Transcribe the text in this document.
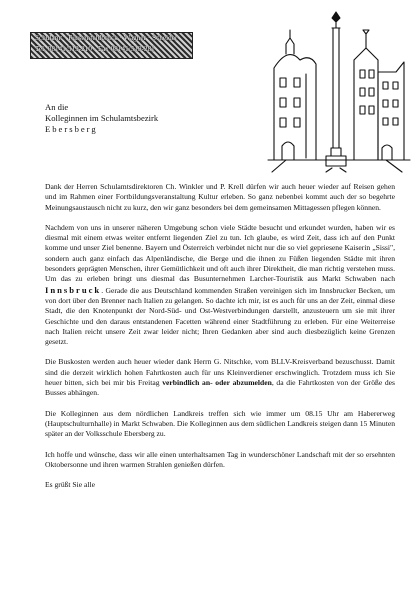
Schulamt · Fürstenfeldbruck · Wagner · Scheider
Tel. 08141/519-210 · Fax 08141/519-281
An die
Kolleginnen im Schulamtsbezirk
Ebersberg

Dank der Herren Schulamtsdirektoren Ch. Winkler und P. Krell dürfen wir auch heuer wieder auf Reisen gehen und im Rahmen einer Fortbildungsveranstaltung Kultur erleben. So ganz nebenbei kommt auch der so begehrte Meinungsaustausch nicht zu kurz, den wir ganz besonders bei dem gemeinsamen Mittagessen pflegen können.

Nachdem von uns in unserer näheren Umgebung schon viele Städte besucht und erkundet wurden, haben wir es diesmal mit einem etwas weiter entfernt liegenden Ziel zu tun. Ich glaube, es wird Zeit, dass ich auf den Punkt komme und unser Ziel benenne. Bayern und Österreich verbindet nicht nur die so viel gepriesene Kaiserin „Sissi", sondern auch ganz einfach das Alpenländische, die Berge und die ihnen zu Füßen liegenden Städte mit ihren besonders geprägten Menschen, ihrer Gemütlichkeit und oft auch ihrer Direktheit, die man richtig verstehen muss. Um das zu erleben bringt uns diesmal das Busunternehmen Larcher-Touristik aus Markt Schwaben nach Innsbruck. Gerade die aus Deutschland kommenden Straßen vereinigen sich im Innsbrucker Becken, um von dort über den Brenner nach Italien zu gelangen. So dachte ich mir, ist es auch für uns an der Zeit, einmal diese Stadt, die den Knotenpunkt der Nord-Süd- und Ost-Westverbindungen darstellt, anzusteuern um sie mit ihrer Geschichte und den daraus entstandenen Facetten während einer Stadtführung zu erleben. Für eine Weiterreise nach Italien reicht unsere Zeit zwar leider nicht; Ihren Gedanken aber sind auch diesbezüglich keine Grenzen gesetzt.

Die Buskosten werden auch heuer wieder dank Herrn G. Nitschke, vom BLLV-Kreisverband bezuschusst. Damit sind die derzeit wirklich hohen Fahrtkosten auch für uns Kleinverdiener erschwinglich. Trotzdem muss ich Sie heuer bitten, sich bei mir bis Freitag verbindlich an- oder abzumelden, da die Fahrtkosten von der Größe des Busses abhängen.

Die Kolleginnen aus dem nördlichen Landkreis treffen sich wie immer um 08.15 Uhr am Habererweg (Hauptschulturnhalle) in Markt Schwaben. Die Kolleginnen aus dem südlichen Landkreis steigen dann 15 Minuten später an der Volksschule Ebersberg zu.

Ich hoffe und wünsche, dass wir alle einen unterhaltsamen Tag in wunderschöner Landschaft mit der so ersehnten Oktobersonne und ihren warmen Strahlen genießen dürfen.

Es grüßt Sie alle
